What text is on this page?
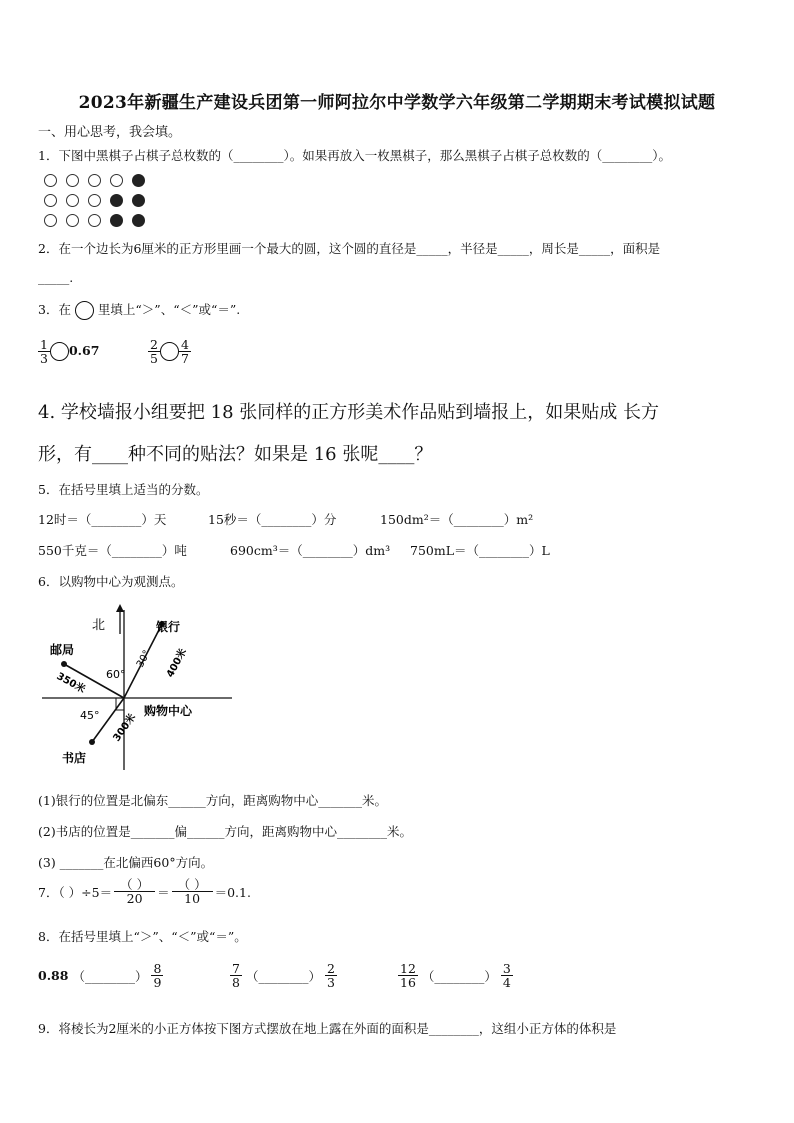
2023年新疆生产建设兵团第一师阿拉尔中学数学六年级第二学期期末考试模拟试题
一、用心思考，我会填。
1．下图中黑棋子占棋子总枚数的（________）。如果再放入一枚黑棋子，那么黑棋子占棋子总枚数的（________）。
2．在一个边长为6厘米的正方形里画一个最大的圆，这个圆的直径是_____，半径是_____，周长是_____，面积是
_____.
3．在 里填上“＞”、“＜”或“＝”.
$\frac{1}{3} 0.67$	$\frac{2}{5} \frac{4}{7}$
4. 学校墙报小组要把 18 张同样的正方形美术作品贴到墙报上，如果贴成 长方
形，有____种不同的贴法？如果是 16 张呢____？
5．在括号里填上适当的分数。
12时＝（________）天	15秒＝（________）分	150dm²＝（________）m²
550千克＝（________）吨	690cm³＝（________）dm³ 750mL＝（________）L
6．以购物中心为观测点。
北	银行
400米
30°
邮局
350米 60°
书店
300米
45°	购物中心
(1)银行的位置是北偏东______方向，距离购物中心_______米。
(2)书店的位置是_______偏______方向，距离购物中心________米。
(3) _______在北偏西60°方向。
7．（ ）$\div 5= \frac{( )}{20} = \frac{( )}{10} =0.1$.
8．在括号里填上“＞”、“＜”或“＝”。
0.88 （________） $\frac{8}{9}$	$\frac{7}{8}$ （________） $\frac{2}{3}$	$\frac{12}{16}$ （________） $\frac{3}{4}$
9．将棱长为2厘米的小正方体按下图方式摆放在地上露在外面的面积是________，这组小正方体的体积是
